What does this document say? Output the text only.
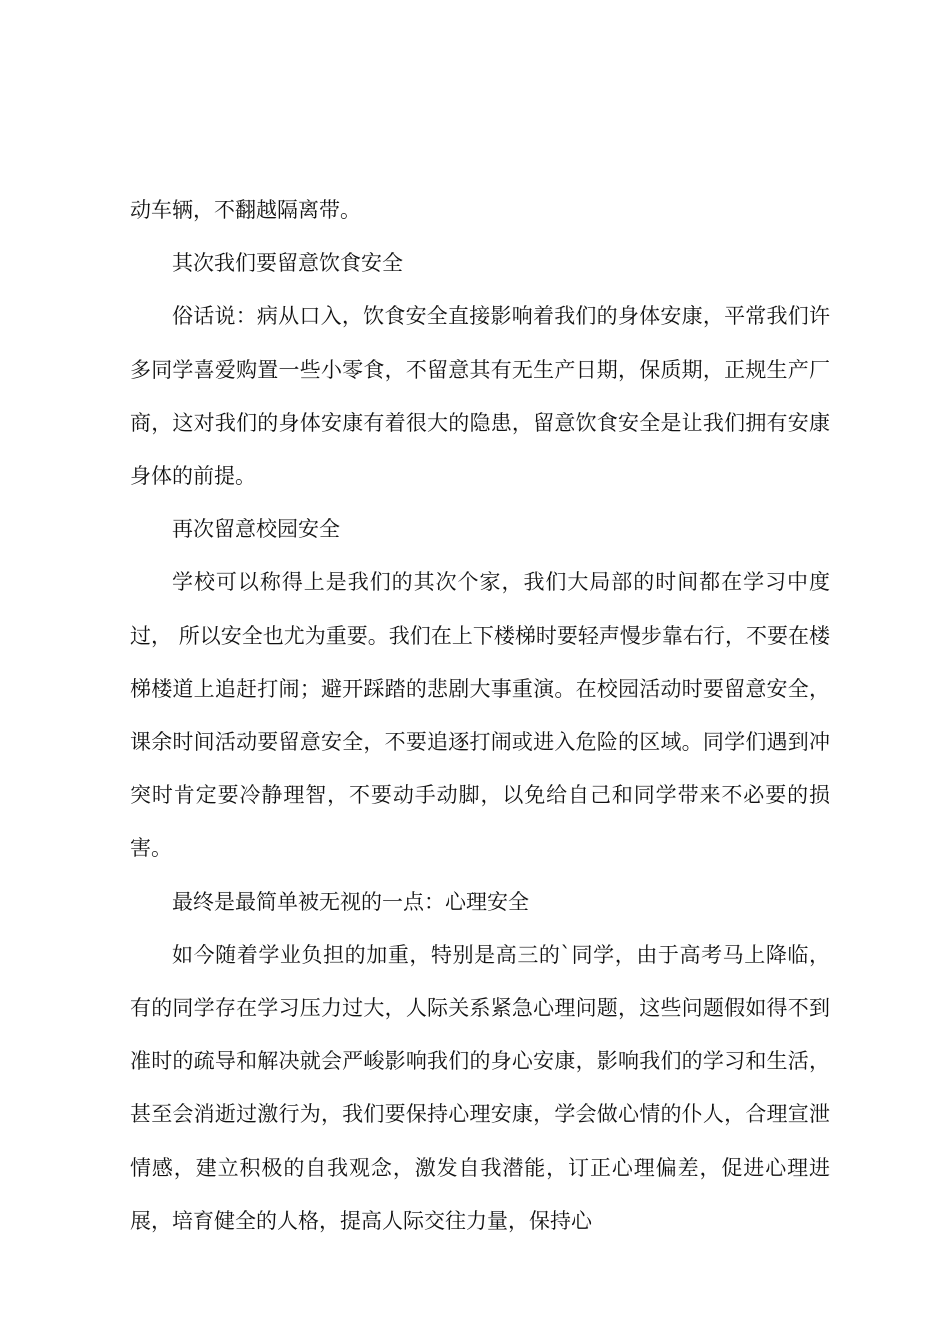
动车辆，不翻越隔离带。

其次我们要留意饮食安全

俗话说：病从口入，饮食安全直接影响着我们的身体安康，平常我们许多同学喜爱购置一些小零食，不留意其有无生产日期，保质期，正规生产厂商，这对我们的身体安康有着很大的隐患，留意饮食安全是让我们拥有安康身体的前提。

再次留意校园安全

学校可以称得上是我们的其次个家，我们大局部的时间都在学习中度过， 所以安全也尤为重要。我们在上下楼梯时要轻声慢步靠右行，不要在楼梯楼道上追赶打闹；避开踩踏的悲剧大事重演。在校园活动时要留意安全，课余时间活动要留意安全，不要追逐打闹或进入危险的区域。同学们遇到冲突时肯定要冷静理智，不要动手动脚，以免给自己和同学带来不必要的损害。

最终是最简单被无视的一点：心理安全

如今随着学业负担的加重，特别是高三的`同学，由于高考马上降临，有的同学存在学习压力过大，人际关系紧急心理问题，这些问题假如得不到准时的疏导和解决就会严峻影响我们的身心安康，影响我们的学习和生活，甚至会消逝过激行为，我们要保持心理安康，学会做心情的仆人，合理宣泄情感，建立积极的自我观念，激发自我潜能，订正心理偏差，促进心理进展，培育健全的人格，提高人际交往力量，保持心
